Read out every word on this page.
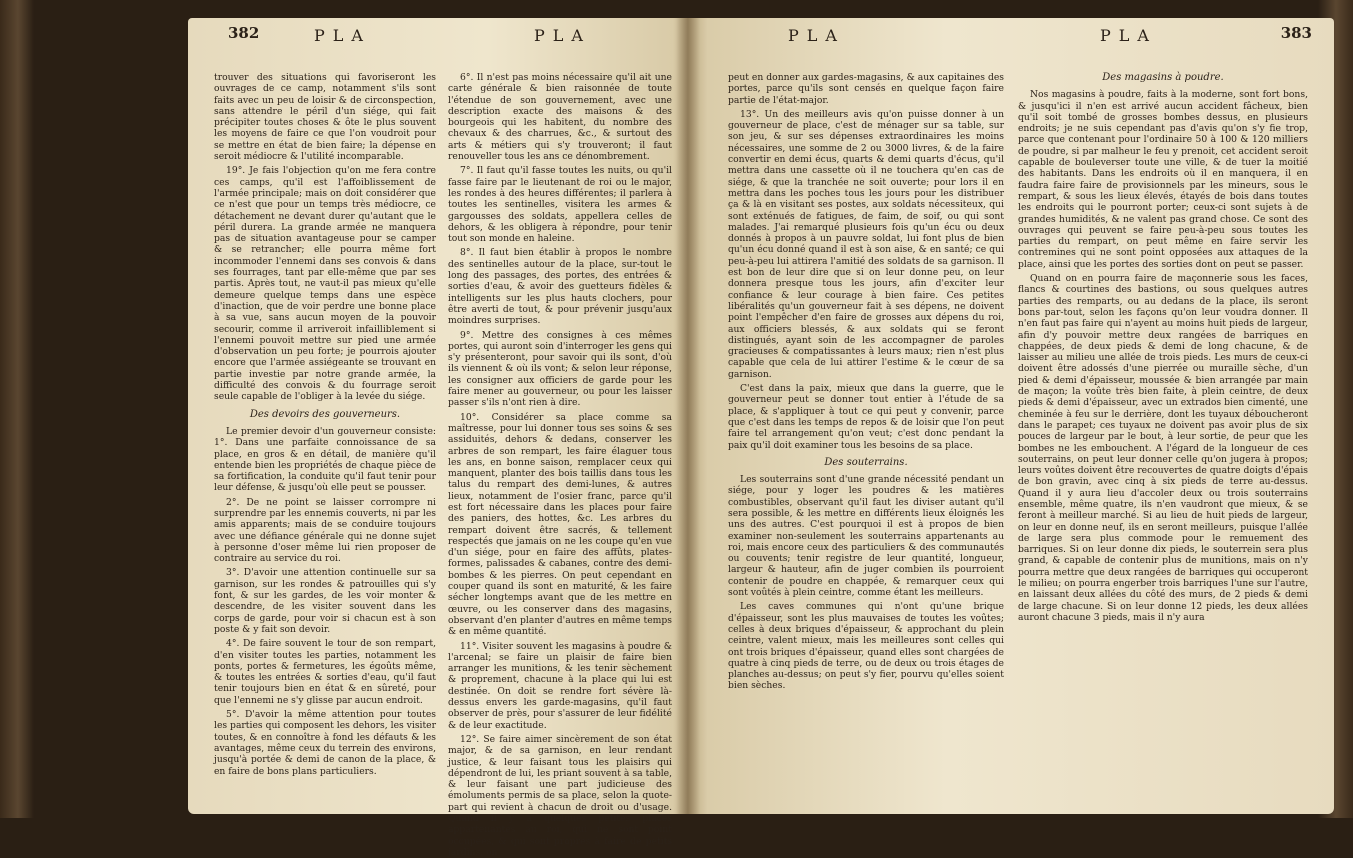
382	PLA	PLA

trouver des situations qui favoriseront les ouvrages de ce camp, notamment s'ils sont faits avec un peu de loisir & de circonspection, sans attendre le péril d'un siége, qui fait précipiter toutes choses & ôte le plus souvent les moyens de faire ce que l'on voudroit pour se mettre en état de bien faire; la dépense en seroit médiocre & l'utilité incomparable.

19°. Je fais l'objection qu'on me fera contre ces camps, qu'il est l'affoiblissement de l'armée principale; mais on doit considérer que ce n'est que pour un temps très médiocre, ce détachement ne devant durer qu'autant que le péril durera. La grande armée ne manquera pas de situation avantageuse pour se camper & se retrancher; elle pourra même fort incommoder l'ennemi dans ses convois & dans ses fourrages, tant par elle-même que par ses partis. Après tout, ne vaut-il pas mieux qu'elle demeure quelque temps dans une espèce d'inaction, que de voir perdre une bonne place à sa vue, sans aucun moyen de la pouvoir secourir, comme il arriveroit infailliblement si l'ennemi pouvoit mettre sur pied une armée d'observation un peu forte; je pourrois ajouter encore que l'armée assiégeante se trouvant en partie investie par notre grande armée, la difficulté des convois & du fourrage seroit seule capable de l'obliger à la levée du siége.

Des devoirs des gouverneurs.

Le premier devoir d'un gouverneur consiste: 1°. Dans une parfaite connoissance de sa place, en gros & en détail, de manière qu'il entende bien les propriétés de chaque pièce de sa fortification, la conduite qu'il faut tenir pour leur défense, & jusqu'où elle peut se pousser.

2°. De ne point se laisser corrompre ni surprendre par les ennemis couverts, ni par les amis apparents; mais de se conduire toujours avec une défiance générale qui ne donne sujet à personne d'oser même lui rien proposer de contraire au service du roi.

3°. D'avoir une attention continuelle sur sa garnison, sur les rondes & patrouilles qui s'y font, & sur les gardes, de les voir monter & descendre, de les visiter souvent dans les corps de garde, pour voir si chacun est à son poste & y fait son devoir.

4°. De faire souvent le tour de son rempart, d'en visiter toutes les parties, notamment les ponts, portes & fermetures, les égoûts même, & toutes les entrées & sorties d'eau, qu'il faut tenir toujours bien en état & en sûreté, pour que l'ennemi ne s'y glisse par aucun endroit.

5°. D'avoir la même attention pour toutes les parties qui composent les dehors, les visiter toutes, & en connoître à fond les défauts & les avantages, même ceux du terrein des environs, jusqu'à portée & demi de canon de la place, & en faire de bons plans particuliers.

6°. Il n'est pas moins nécessaire qu'il ait une carte générale & bien raisonnée de toute l'étendue de son gouvernement, avec une description exacte des maisons & des bourgeois qui les habitent, du nombre des chevaux & des charrues, &c., & surtout des arts & métiers qui s'y trouveront; il faut renouveller tous les ans ce dénombrement.

7°. Il faut qu'il fasse toutes les nuits, ou qu'il fasse faire par le lieutenant de roi ou le major, les rondes à des heures différentes; il parlera à toutes les sentinelles, visitera les armes & gargousses des soldats, appellera celles de dehors, & les obligera à répondre, pour tenir tout son monde en haleine.

8°. Il faut bien établir à propos le nombre des sentinelles autour de la place, sur-tout le long des passages, des portes, des entrées & sorties d'eau, & avoir des guetteurs fidèles & intelligents sur les plus hauts clochers, pour être averti de tout, & pour prévenir jusqu'aux moindres surprises.

9°. Mettre des consignes à ces mêmes portes, qui auront soin d'interroger les gens qui s'y présenteront, pour savoir qui ils sont, d'où ils viennent & où ils vont; & selon leur réponse, les consigner aux officiers de garde pour les faire mener au gouverneur, ou pour les laisser passer s'ils n'ont rien à dire.

10°. Considérer sa place comme sa maîtresse, pour lui donner tous ses soins & ses assiduités, dehors & dedans, conserver les arbres de son rempart, les faire élaguer tous les ans, en bonne saison, remplacer ceux qui manquent, planter des bois taillis dans tous les talus du rempart des demi-lunes, & autres lieux, notamment de l'osier franc, parce qu'il est fort nécessaire dans les places pour faire des paniers, des hottes, &c. Les arbres du rempart doivent être sacrés, & tellement respectés que jamais on ne les coupe qu'en vue d'un siége, pour en faire des affûts, plates-formes, palissades & cabanes, contre des demi-bombes & les pierres. On peut cependant en couper quand ils sont en maturité, & les faire sécher longtemps avant que de les mettre en œuvre, ou les conserver dans des magasins, observant d'en planter d'autres en même temps & en même quantité.

11°. Visiter souvent les magasins à poudre & l'arcenal; se faire un plaisir de faire bien arranger les munitions, & les tenir sèchement & proprement, chacune à la place qui lui est destinée. On doit se rendre fort sévère là-dessus envers les garde-magasins, qu'il faut observer de près, pour s'assurer de leur fidélité & de leur exactitude.

12°. Se faire aimer sincèrement de son état major, & de sa garnison, en leur rendant justice, & leur faisant tous les plaisirs qui dépendront de lui, les priant souvent à sa table, & leur faisant une part judicieuse des émoluments permis de sa place, selon la quote-part qui revient à chacun de droit ou d'usage. Quand il y a quelques petites places appartenantes au roi, qui ne sont point occupées, & qui sont propres à faire de petits jardins, on

PLA	PLA	383

peut en donner aux gardes-magasins, & aux capitaines des portes, parce qu'ils sont censés en quelque façon faire partie de l'état-major.

13°. Un des meilleurs avis qu'on puisse donner à un gouverneur de place, c'est de ménager sur sa table, sur son jeu, & sur ses dépenses extraordinaires les moins nécessaires, une somme de 2 ou 3000 livres, & de la faire convertir en demi écus, quarts & demi quarts d'écus, qu'il mettra dans une cassette où il ne touchera qu'en cas de siége, & que la tranchée ne soit ouverte; pour lors il en mettra dans les poches tous les jours pour les distribuer ça & là en visitant ses postes, aux soldats nécessiteux, qui sont exténués de fatigues, de faim, de soif, ou qui sont malades. J'ai remarqué plusieurs fois qu'un écu ou deux donnés à propos à un pauvre soldat, lui font plus de bien qu'un écu donné quand il est à son aise, & en santé; ce qui peu-à-peu lui attirera l'amitié des soldats de sa garnison. Il est bon de leur dire que si on leur donne peu, on leur donnera presque tous les jours, afin d'exciter leur confiance & leur courage à bien faire. Ces petites libéralités qu'un gouverneur fait à ses dépens, ne doivent point l'empêcher d'en faire de grosses aux dépens du roi, aux officiers blessés, & aux soldats qui se feront distingués, ayant soin de les accompagner de paroles gracieuses & compatissantes à leurs maux; rien n'est plus capable que cela de lui attirer l'estime & le cœur de sa garnison.

C'est dans la paix, mieux que dans la guerre, que le gouverneur peut se donner tout entier à l'étude de sa place, & s'appliquer à tout ce qui peut y convenir, parce que c'est dans les temps de repos & de loisir que l'on peut faire tel arrangement qu'on veut; c'est donc pendant la paix qu'il doit examiner tous les besoins de sa place.

Des souterrains.

Les souterrains sont d'une grande nécessité pendant un siége, pour y loger les poudres & les matières combustibles, observant qu'il faut les diviser autant qu'il sera possible, & les mettre en différents lieux éloignés les uns des autres. C'est pourquoi il est à propos de bien examiner non-seulement les souterrains appartenants au roi, mais encore ceux des particuliers & des communautés ou couvents; tenir registre de leur quantité, longueur, largeur & hauteur, afin de juger combien ils pourroient contenir de poudre en chappée, & remarquer ceux qui sont voûtés à plein ceintre, comme étant les meilleurs.

Les caves communes qui n'ont qu'une brique d'épaisseur, sont les plus mauvaises de toutes les voûtes; celles à deux briques d'épaisseur, & approchant du plein ceintre, valent mieux, mais les meilleures sont celles qui ont trois briques d'épaisseur, quand elles sont chargées de quatre à cinq pieds de terre, ou de deux ou trois étages de planches au-dessus; on peut s'y fier, pourvu qu'elles soient bien sèches.

Des magasins à poudre.

Nos magasins à poudre, faits à la moderne, sont fort bons, & jusqu'ici il n'en est arrivé aucun accident fâcheux, bien qu'il soit tombé de grosses bombes dessus, en plusieurs endroits; je ne suis cependant pas d'avis qu'on s'y fie trop, parce que contenant pour l'ordinaire 50 à 100 & 120 milliers de poudre, si par malheur le feu y prenoit, cet accident seroit capable de bouleverser toute une ville, & de tuer la moitié des habitants. Dans les endroits où il en manquera, il en faudra faire faire de provisionnels par les mineurs, sous le rempart, & sous les lieux élevés, étayés de bois dans toutes les endroits qui le pourront porter; ceux-ci sont sujets à de grandes humidités, & ne valent pas grand chose. Ce sont des ouvrages qui peuvent se faire peu-à-peu sous toutes les parties du rempart, on peut même en faire servir les contremines qui ne sont point opposées aux attaques de la place, ainsi que les portes des sorties dont on peut se passer.

Quand on en pourra faire de maçonnerie sous les faces, flancs & courtines des bastions, ou sous quelques autres parties des remparts, ou au dedans de la place, ils seront bons par-tout, selon les façons qu'on leur voudra donner. Il n'en faut pas faire qui n'ayent au moins huit pieds de largeur, afin d'y pouvoir mettre deux rangées de barriques en chappées, de deux pieds & demi de long chacune, & de laisser au milieu une allée de trois pieds. Les murs de ceux-ci doivent être adossés d'une pierrée ou muraille sèche, d'un pied & demi d'épaisseur, moussée & bien arrangée par main de maçon; la voûte très bien faite, à plein ceintre, de deux pieds & demi d'épaisseur, avec un extrados bien cimenté, une cheminée à feu sur le derrière, dont les tuyaux déboucheront dans le parapet; ces tuyaux ne doivent pas avoir plus de six pouces de largeur par le bout, à leur sortie, de peur que les bombes ne les embouchent. A l'égard de la longueur de ces souterrains, on peut leur donner celle qu'on jugera à propos; leurs voûtes doivent être recouvertes de quatre doigts d'épais de bon gravin, avec cinq à six pieds de terre au-dessus. Quand il y aura lieu d'accoler deux ou trois souterrains ensemble, même quatre, ils n'en vaudront que mieux, & se feront à meilleur marché. Si au lieu de huit pieds de largeur, on leur en donne neuf, ils en seront meilleurs, puisque l'allée de large sera plus commode pour le remuement des barriques. Si on leur donne dix pieds, le souterrein sera plus grand, & capable de contenir plus de munitions, mais on n'y pourra mettre que deux rangées de barriques qui occuperont le milieu; on pourra engerber trois barriques l'une sur l'autre, en laissant deux allées du côté des murs, de 2 pieds & demi de large chacune. Si on leur donne 12 pieds, les deux allées auront chacune 3 pieds, mais il n'y aura
